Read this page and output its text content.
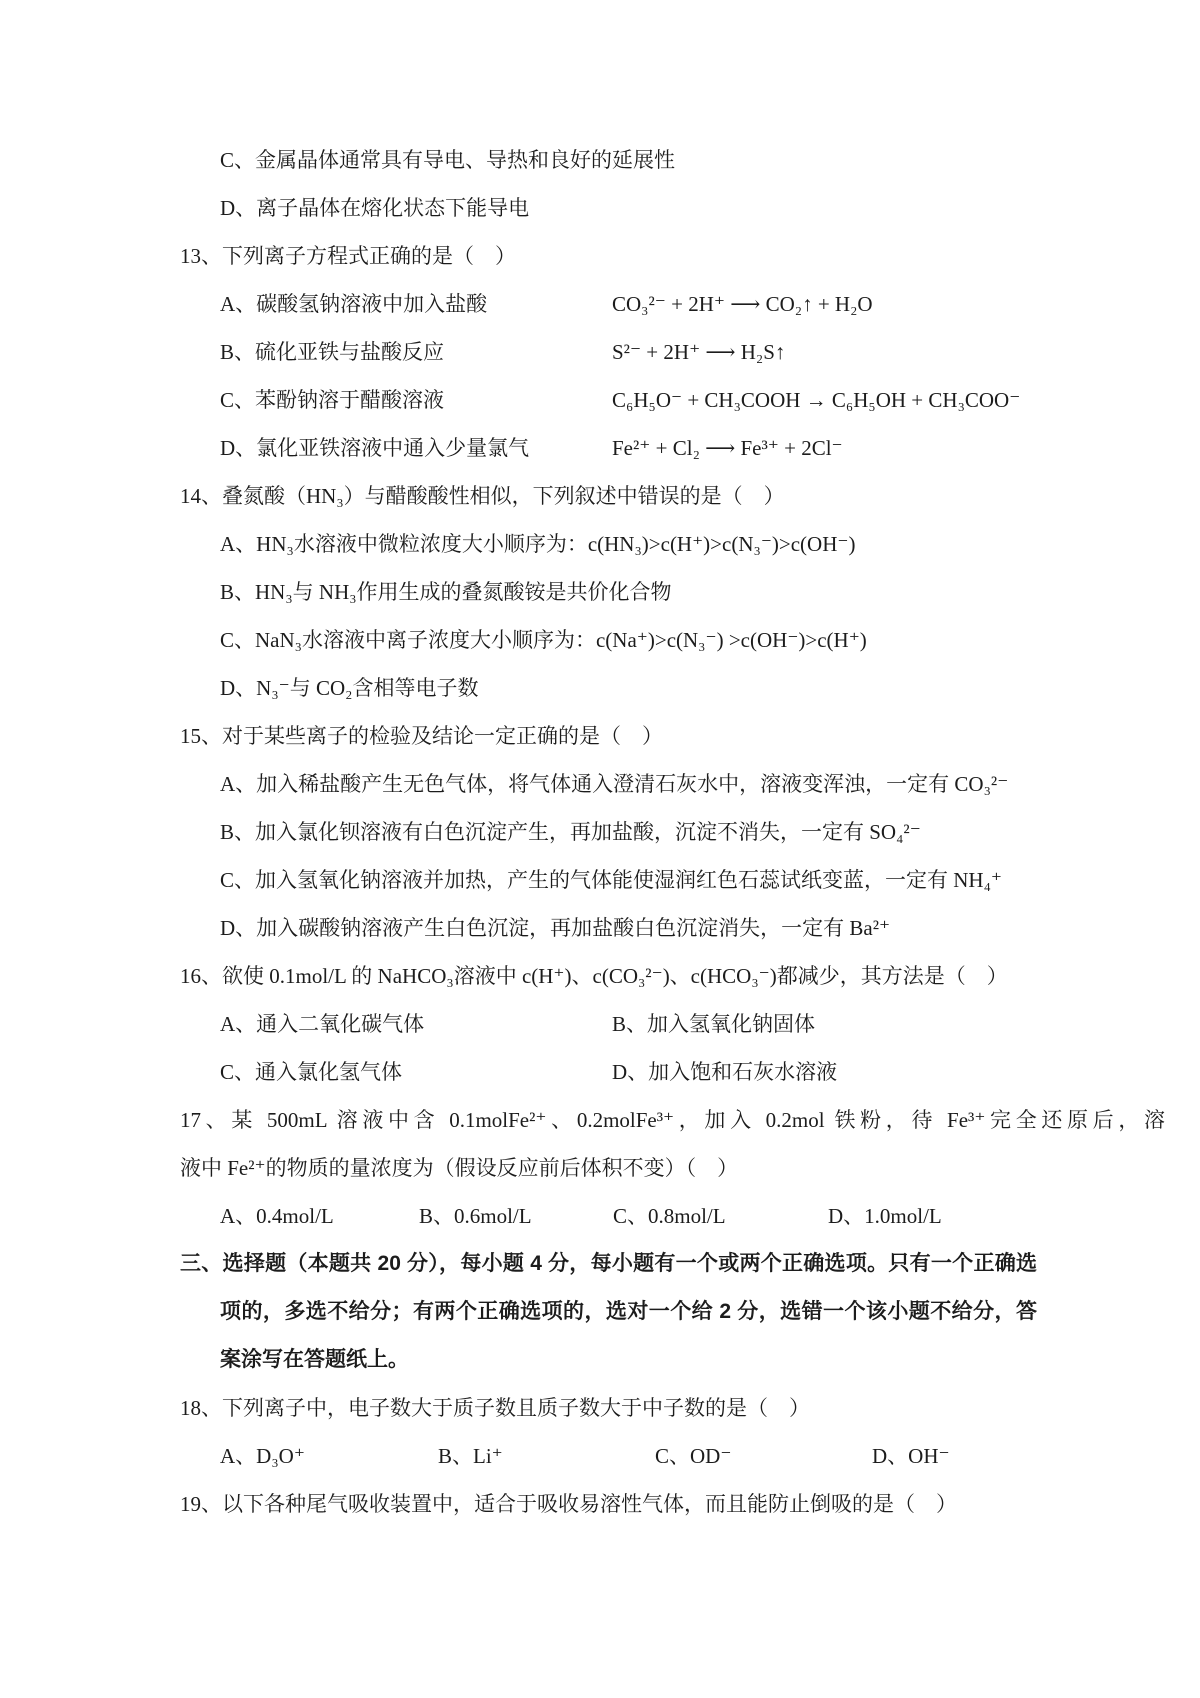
C、金属晶体通常具有导电、导热和良好的延展性
D、离子晶体在熔化状态下能导电
13、下列离子方程式正确的是（    ）
A、碳酸氢钠溶液中加入盐酸	CO₃²⁻ + 2H⁺ ⟶ CO₂↑ + H₂O
B、硫化亚铁与盐酸反应	S²⁻ + 2H⁺ ⟶ H₂S↑
C、苯酚钠溶于醋酸溶液	C₆H₅O⁻ + CH₃COOH → C₆H₅OH + CH₃COO⁻
D、氯化亚铁溶液中通入少量氯气	Fe²⁺ + Cl₂ ⟶ Fe³⁺ + 2Cl⁻
14、叠氮酸（HN₃）与醋酸酸性相似，下列叙述中错误的是（    ）
A、HN₃水溶液中微粒浓度大小顺序为：c(HN₃)>c(H⁺)>c(N₃⁻)>c(OH⁻)
B、HN₃与 NH₃作用生成的叠氮酸铵是共价化合物
C、NaN₃水溶液中离子浓度大小顺序为：c(Na⁺)>c(N₃⁻) >c(OH⁻)>c(H⁺)
D、N₃⁻与 CO₂含相等电子数
15、对于某些离子的检验及结论一定正确的是（    ）
A、加入稀盐酸产生无色气体，将气体通入澄清石灰水中，溶液变浑浊，一定有 CO₃²⁻
B、加入氯化钡溶液有白色沉淀产生，再加盐酸，沉淀不消失，一定有 SO₄²⁻
C、加入氢氧化钠溶液并加热，产生的气体能使湿润红色石蕊试纸变蓝，一定有 NH₄⁺
D、加入碳酸钠溶液产生白色沉淀，再加盐酸白色沉淀消失，一定有 Ba²⁺
16、欲使 0.1mol/L 的 NaHCO₃溶液中 c(H⁺)、c(CO₃²⁻)、c(HCO₃⁻)都减少，其方法是（    ）
A、通入二氧化碳气体	B、加入氢氧化钠固体
C、通入氯化氢气体	D、加入饱和石灰水溶液
17、某 500mL 溶液中含 0.1molFe²⁺、0.2molFe³⁺，加入 0.2mol 铁粉，待 Fe³⁺完全还原后，溶
液中 Fe²⁺的物质的量浓度为（假设反应前后体积不变）（    ）
A、0.4mol/L	B、0.6mol/L	C、0.8mol/L	D、1.0mol/L
三、选择题（本题共 20 分），每小题 4 分，每小题有一个或两个正确选项。只有一个正确选
项的，多选不给分；有两个正确选项的，选对一个给 2 分，选错一个该小题不给分，答
案涂写在答题纸上。
18、下列离子中，电子数大于质子数且质子数大于中子数的是（    ）
A、D₃O⁺	B、Li⁺	C、OD⁻	D、OH⁻
19、以下各种尾气吸收装置中，适合于吸收易溶性气体，而且能防止倒吸的是（    ）
